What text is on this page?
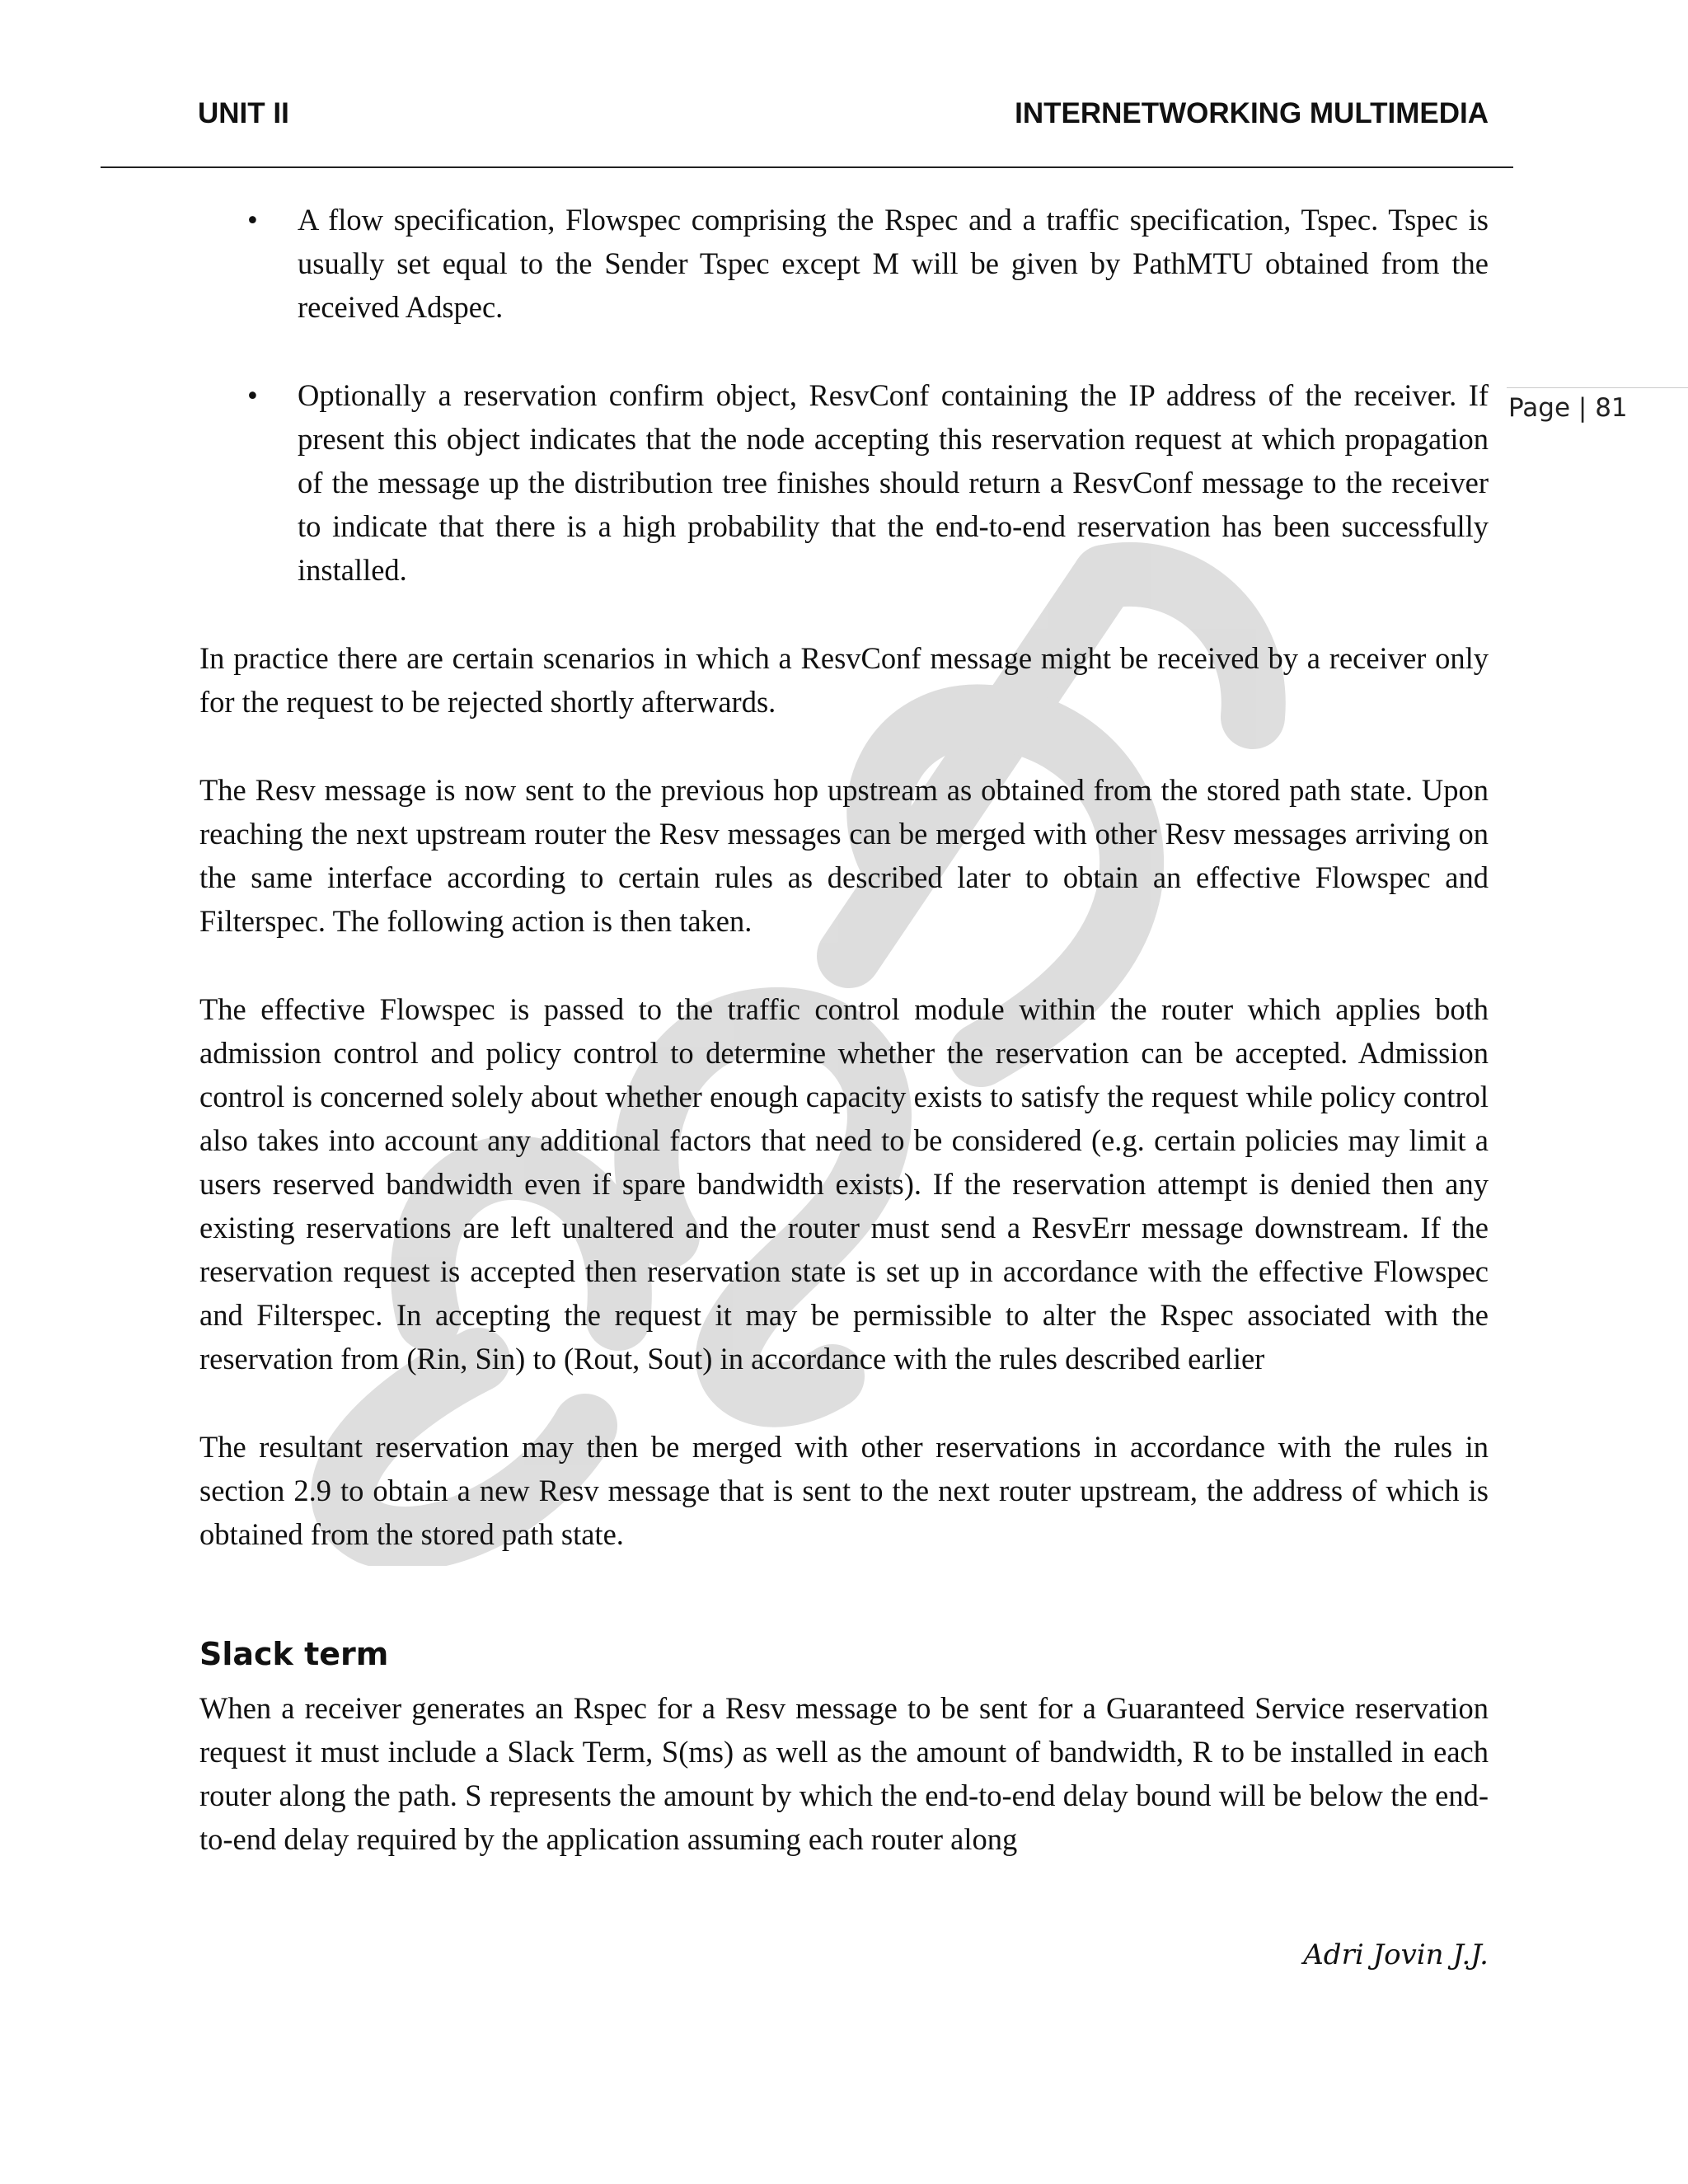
UNIT II	INTERNETWORKING MULTIMEDIA
Page | 81
• A flow specification, Flowspec comprising the Rspec and a traffic specification, Tspec. Tspec is usually set equal to the Sender Tspec except M will be given by PathMTU obtained from the received Adspec.
• Optionally a reservation confirm object, ResvConf containing the IP address of the receiver. If present this object indicates that the node accepting this reservation request at which propagation of the message up the distribution tree finishes should return a ResvConf message to the receiver to indicate that there is a high probability that the end-to-end reservation has been successfully installed.

In practice there are certain scenarios in which a ResvConf message might be received by a receiver only for the request to be rejected shortly afterwards.

The Resv message is now sent to the previous hop upstream as obtained from the stored path state. Upon reaching the next upstream router the Resv messages can be merged with other Resv messages arriving on the same interface according to certain rules as described later to obtain an effective Flowspec and Filterspec. The following action is then taken.

The effective Flowspec is passed to the traffic control module within the router which applies both admission control and policy control to determine whether the reservation can be accepted. Admission control is concerned solely about whether enough capacity exists to satisfy the request while policy control also takes into account any additional factors that need to be considered (e.g. certain policies may limit a users reserved bandwidth even if spare bandwidth exists). If the reservation attempt is denied then any existing reservations are left unaltered and the router must send a ResvErr message downstream. If the reservation request is accepted then reservation state is set up in accordance with the effective Flowspec and Filterspec. In accepting the request it may be permissible to alter the Rspec associated with the reservation from (Rin, Sin) to (Rout, Sout) in accordance with the rules described earlier

The resultant reservation may then be merged with other reservations in accordance with the rules in section 2.9 to obtain a new Resv message that is sent to the next router upstream, the address of which is obtained from the stored path state.

Slack term

When a receiver generates an Rspec for a Resv message to be sent for a Guaranteed Service reservation request it must include a Slack Term, S(ms) as well as the amount of bandwidth, R to be installed in each router along the path. S represents the amount by which the end-to-end delay bound will be below the end-to-end delay required by the application assuming each router along

Adri Jovin J.J.
